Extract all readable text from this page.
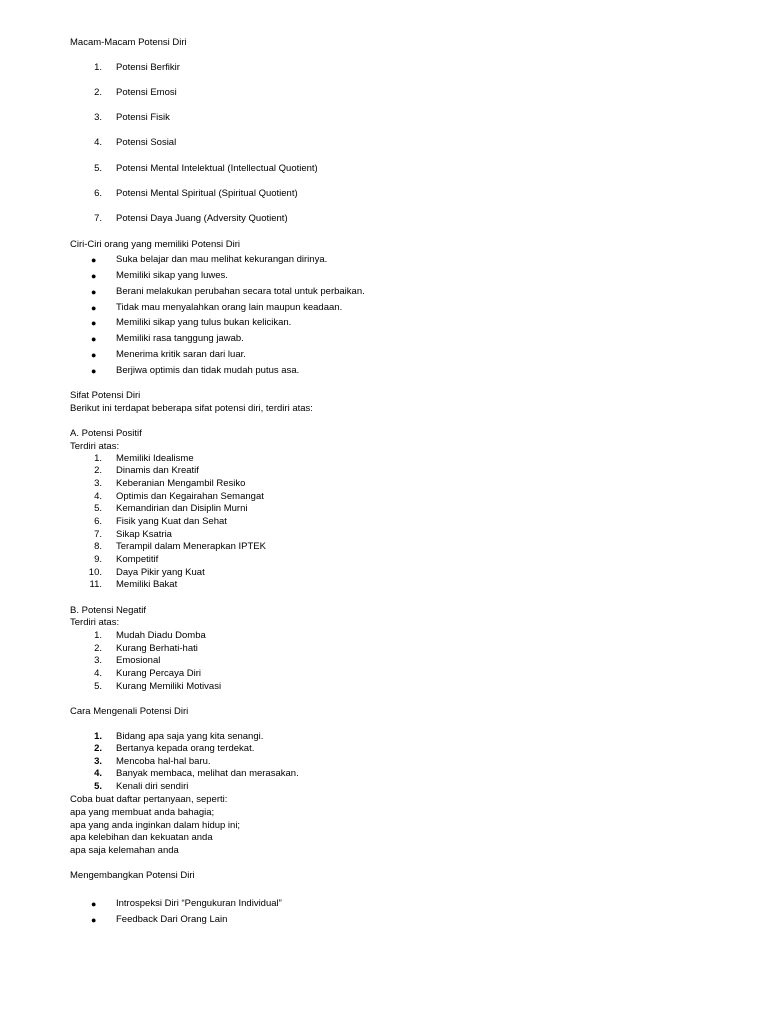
Macam-Macam Potensi Diri
1. Potensi Berfikir
2. Potensi Emosi
3. Potensi Fisik
4. Potensi Sosial
5. Potensi Mental Intelektual (Intellectual Quotient)
6. Potensi Mental Spiritual (Spiritual Quotient)
7. Potensi Daya Juang (Adversity Quotient)
Ciri-Ciri orang yang memiliki Potensi Diri
● Suka belajar dan mau melihat kekurangan dirinya.
● Memiliki sikap yang luwes.
● Berani melakukan perubahan secara total untuk perbaikan.
● Tidak mau menyalahkan orang lain maupun keadaan.
● Memiliki sikap yang tulus bukan kelicikan.
● Memiliki rasa tanggung jawab.
● Menerima kritik saran dari luar.
● Berjiwa optimis dan tidak mudah putus asa.
Sifat Potensi Diri
Berikut ini terdapat beberapa sifat potensi diri, terdiri atas:
A. Potensi Positif
Terdiri atas:
1. Memiliki Idealisme
2. Dinamis dan Kreatif
3. Keberanian Mengambil Resiko
4. Optimis dan Kegairahan Semangat
5. Kemandirian dan Disiplin Murni
6. Fisik yang Kuat dan Sehat
7. Sikap Ksatria
8. Terampil dalam Menerapkan IPTEK
9. Kompetitif
10. Daya Pikir yang Kuat
11. Memiliki Bakat
B. Potensi Negatif
Terdiri atas:
1. Mudah Diadu Domba
2. Kurang Berhati-hati
3. Emosional
4. Kurang Percaya Diri
5. Kurang Memiliki Motivasi
Cara Mengenali Potensi Diri
1. Bidang apa saja yang kita senangi.
2. Bertanya kepada orang terdekat.
3. Mencoba hal-hal baru.
4. Banyak membaca, melihat dan merasakan.
5. Kenali diri sendiri
Coba buat daftar pertanyaan, seperti:
apa yang membuat anda bahagia;
apa yang anda inginkan dalam hidup ini;
apa kelebihan dan kekuatan anda
apa saja kelemahan anda
Mengembangkan Potensi Diri
● Introspeksi Diri “Pengukuran Individual”
● Feedback Dari Orang Lain
